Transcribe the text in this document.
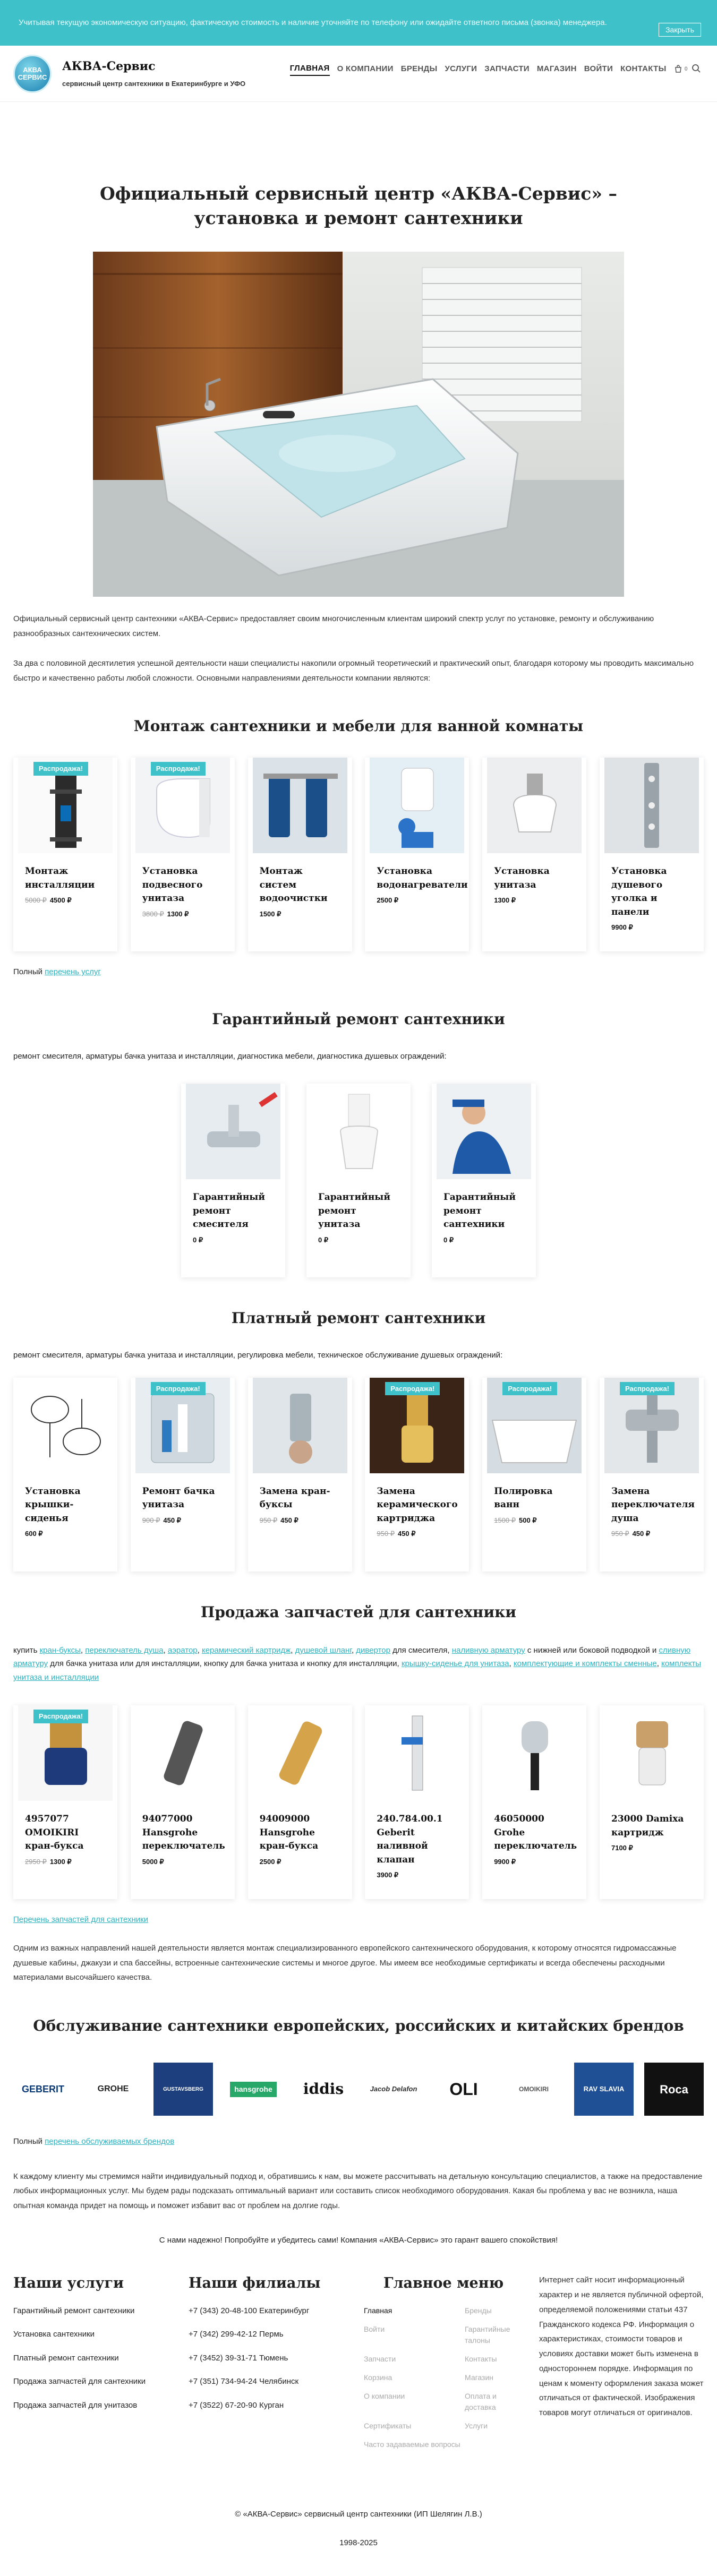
Учитывая текущую экономическую ситуацию, фактическую стоимость и наличие уточняйте по телефону или ожидайте ответного письма (звонка) менеджера.
Закрыть
АКВА
СЕРВИС
АКВА-Сервис
сервисный центр сантехники в Екатеринбурге и УФО
ГЛАВНАЯ О КОМПАНИИ БРЕНДЫ УСЛУГИ ЗАПЧАСТИ МАГАЗИН ВОЙТИ КОНТАКТЫ	0
Официальный сервисный центр «АКВА-Сервис» – установка и ремонт сантехники

Официальный сервисный центр сантехники «АКВА-Сервис» предоставляет своим многочисленным клиентам широкий спектр услуг по установке, ремонту и обслуживанию разнообразных сантехнических систем.

За два с половиной десятилетия успешной деятельности наши специалисты накопили огромный теоретический и практический опыт, благодаря которому мы проводить максимально быстро и качественно работы любой сложности. Основными направлениями деятельности компании являются:

Монтаж сантехники и мебели для ванной комнаты
Распродажа!
Монтаж инсталляции
5000 ₽ 4500 ₽
Распродажа!
Установка подвесного унитаза
3800 ₽ 1300 ₽
Монтаж систем водоочистки
1500 ₽
Установка водонагреватели
2500 ₽
Установка унитаза
1300 ₽
Установка душевого уголка и панели
9900 ₽
Полный перечень услуг
Гарантийный ремонт сантехники

ремонт смесителя, арматуры бачка унитаза и инсталляции, диагностика мебели, диагностика душевых ограждений:

Гарантийный ремонт смесителя
0 ₽
Гарантийный ремонт унитаза
0 ₽
Гарантийный ремонт сантехники
0 ₽
Платный ремонт сантехники

ремонт смесителя, арматуры бачка унитаза и инсталляции, регулировка мебели, техническое обслуживание душевых ограждений:

Установка крышки-сиденья
600 ₽
Распродажа!
Ремонт бачка унитаза
900 ₽ 450 ₽
Замена кран-буксы
950 ₽ 450 ₽
Распродажа!
Замена керамического картриджа
950 ₽ 450 ₽
Распродажа!
Полировка ванн
1500 ₽ 500 ₽
Распродажа!
Замена переключателя душа
950 ₽ 450 ₽
Продажа запчастей для сантехники

купить кран-буксы, переключатель душа, аэратор, керамический картридж, душевой шланг, дивертор для смесителя, наливную арматуру с нижней или боковой подводкой и сливную арматуру для бачка унитаза или для инсталляции, кнопку для бачка унитаза и кнопку для инсталляции, крышку-сиденье для унитаза, комплектующие и комплекты сменные, комплекты унитаза и инсталляции

Распродажа!
4957077 OMOIKIRI кран-букса
2950 ₽ 1300 ₽
94077000 Hansgrohe переключатель
5000 ₽
94009000 Hansgrohe кран-букса
2500 ₽
240.784.00.1 Geberit наливной клапан
3900 ₽
46050000 Grohe переключатель
9900 ₽
23000 Damixa картридж
7100 ₽
Перечень запчастей для сантехники

Одним из важных направлений нашей деятельности является монтаж специализированного европейского сантехнического оборудования, к которому относятся гидромассажные душевые кабины, джакузи и спа бассейны, встроенные сантехнические системы и многое другое. Мы имеем все необходимые сертификаты и всегда обеспечены расходными материалами высочайшего качества.

Обслуживание сантехники европейских, российских и китайских брендов
GEBERIT	GROHE	GUSTAVSBERG	hansgrohe iddis	Jacob Delafon OLI	OMOIKIRI	RAV SLAVIA	Roca
Полный перечень обслуживаемых брендов

К каждому клиенту мы стремимся найти индивидуальный подход и, обратившись к нам, вы можете рассчитывать на детальную консультацию специалистов, а также на предоставление любых информационных услуг. Мы будем рады подсказать оптимальный вариант или составить список необходимого оборудования. Какая бы проблема у вас не возникла, наша опытная команда придет на помощь и поможет избавит вас от проблем на долгие годы.

С нами надежно! Попробуйте и убедитесь сами! Компания «АКВА-Сервис» это гарант вашего спокойствия!
Наши услуги
Гарантийный ремонт сантехники
Установка сантехники
Платный ремонт сантехники
Продажа запчастей для сантехники
Продажа запчастей для унитазов
Наши филиалы
+7 (343) 20-48-100 Екатеринбург
+7 (342) 299-42-12 Пермь
+7 (3452) 39-31-71 Тюмень
+7 (351) 734-94-24 Челябинск
+7 (3522) 67-20-90 Курган
Главное меню
Главная	Бренды
Войти	Гарантийные талоны
Запчасти	Контакты
Корзина	Магазин
О компании	Оплата и доставка
Сертификаты	Услуги
Часто задаваемые вопросы
Интернет сайт носит информационный характер и не является публичной офертой, определяемой положениями статьи 437 Гражданского кодекса РФ. Информация о характеристиках, стоимости товаров и условиях доставки может быть изменена в одностороннем порядке. Информация по ценам к моменту оформления заказа может отличаться от фактической. Изображения товаров могут отличаться от оригиналов.
© «АКВА-Сервис» сервисный центр сантехники (ИП Шелягин Л.В.)
1998-2025
